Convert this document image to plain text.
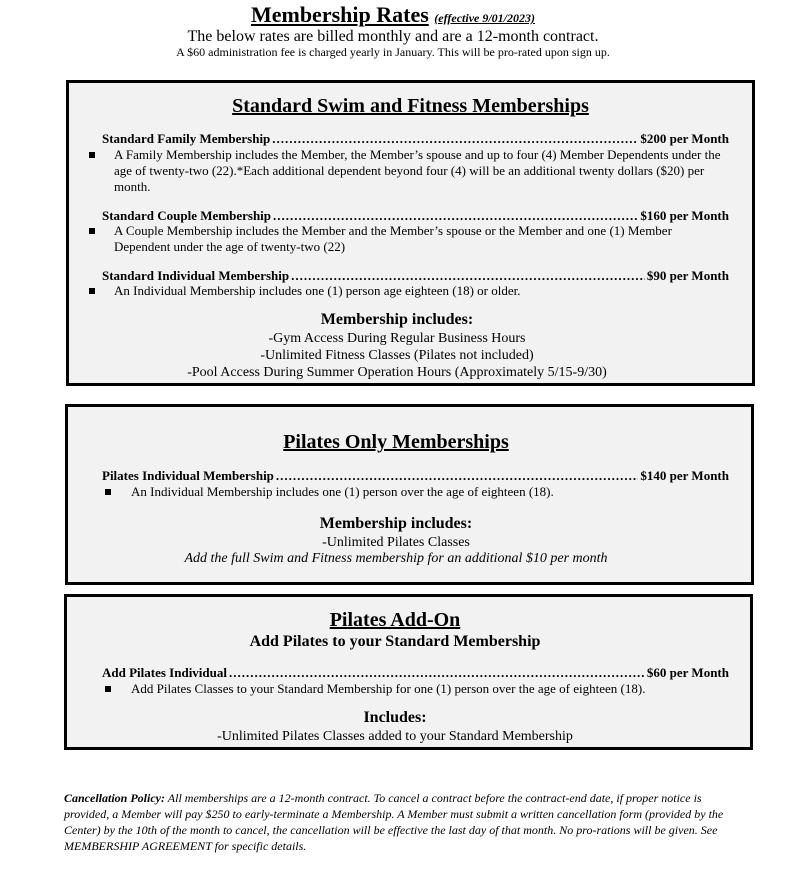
Membership Rates (effective 9/01/2023)
The below rates are billed monthly and are a 12-month contract.
A $60 administration fee is charged yearly in January. This will be pro-rated upon sign up.
Standard Swim and Fitness Memberships
Standard Family Membership .....	$200 per Month
A Family Membership includes the Member, the Member’s spouse and up to four (4) Member Dependents under the age of twenty-two (22).*Each additional dependent beyond four (4) will be an additional twenty dollars ($20) per month.
Standard Couple Membership .....	$160 per Month
A Couple Membership includes the Member and the Member’s spouse or the Member and one (1) Member Dependent under the age of twenty-two (22)
Standard Individual Membership .....	$90 per Month
An Individual Membership includes one (1) person age eighteen (18) or older.
Membership includes:
-Gym Access During Regular Business Hours
-Unlimited Fitness Classes (Pilates not included)
-Pool Access During Summer Operation Hours (Approximately 5/15-9/30)
Pilates Only Memberships
Pilates Individual Membership .....	$140 per Month
An Individual Membership includes one (1) person over the age of eighteen (18).
Membership includes:
-Unlimited Pilates Classes
Add the full Swim and Fitness membership for an additional $10 per month
Pilates Add-On
Add Pilates to your Standard Membership
Add Pilates Individual .....	$60 per Month
Add Pilates Classes to your Standard Membership for one (1) person over the age of eighteen (18).
Includes:
-Unlimited Pilates Classes added to your Standard Membership
Cancellation Policy: All memberships are a 12-month contract. To cancel a contract before the contract-end date, if proper notice is provided, a Member will pay $250 to early-terminate a Membership. A Member must submit a written cancellation form (provided by the Center) by the 10th of the month to cancel, the cancellation will be effective the last day of that month. No pro-rations will be given. See MEMBERSHIP AGREEMENT for specific details.
